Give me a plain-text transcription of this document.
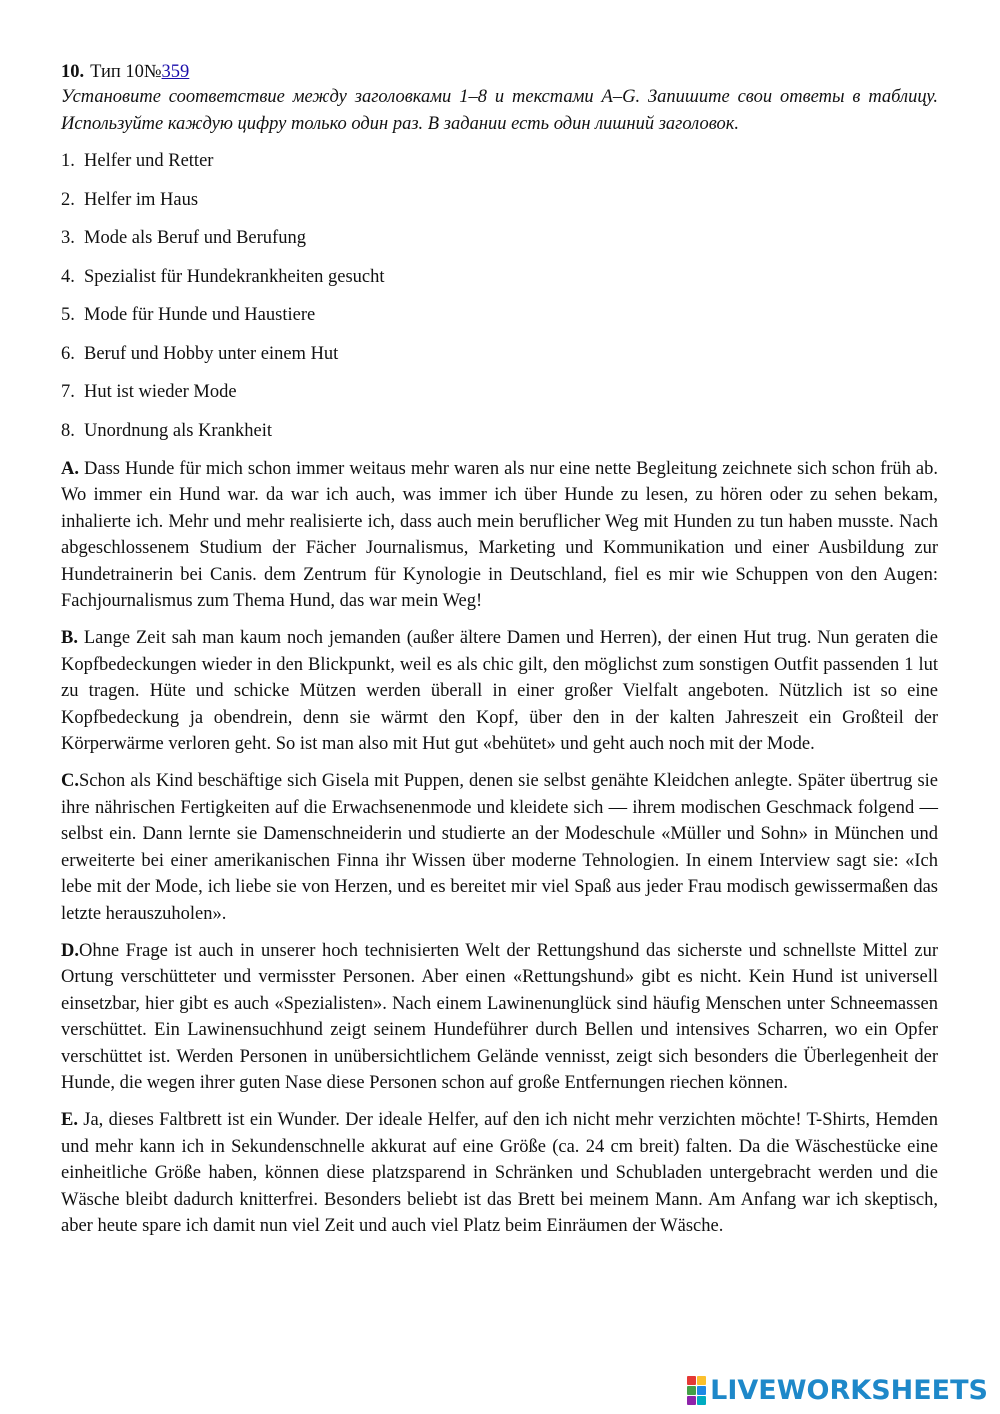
10. Тип 10№359

Установите соответствие между заголовками 1–8 и текстами А–G. Запишите свои ответы в таблицу. Используйте каждую цифру только один раз. В задании есть один лишний заголовок.

1. Helfer und Retter
2. Helfer im Haus
3. Mode als Beruf und Berufung
4. Spezialist für Hundekrankheiten gesucht
5. Mode für Hunde und Haustiere
6. Beruf und Hobby unter einem Hut
7. Hut ist wieder Mode
8. Unordnung als Krankheit

A. Dass Hunde für mich schon immer weitaus mehr waren als nur eine nette Begleitung zeichnete sich schon früh ab. Wo immer ein Hund war. da war ich auch, was immer ich über Hunde zu lesen, zu hören oder zu sehen bekam, inhalierte ich. Mehr und mehr realisierte ich, dass auch mein beruflicher Weg mit Hunden zu tun haben musste. Nach abgeschlossenem Studium der Fächer Journalismus, Marketing und Kommunikation und einer Ausbildung zur Hundetrainerin bei Canis. dem Zentrum für Kynologie in Deutschland, fiel es mir wie Schuppen von den Augen: Fachjournalismus zum Thema Hund, das war mein Weg!

B. Lange Zeit sah man kaum noch jemanden (außer ältere Damen und Herren), der einen Hut trug. Nun geraten die Kopfbedeckungen wieder in den Blickpunkt, weil es als chic gilt, den möglichst zum sonstigen Outfit passenden 1 lut zu tragen. Hüte und schicke Mützen werden überall in einer großer Vielfalt angeboten. Nützlich ist so eine Kopfbedeckung ja obendrein, denn sie wärmt den Kopf, über den in der kalten Jahreszeit ein Großteil der Körperwärme verloren geht. So ist man also mit Hut gut «behütet» und geht auch noch mit der Mode.

C.Schon als Kind beschäftige sich Gisela mit Puppen, denen sie selbst genähte Kleidchen anlegte. Später übertrug sie ihre nährischen Fertigkeiten auf die Erwachsenenmode und kleidete sich — ihrem modischen Geschmack folgend — selbst ein. Dann lernte sie Damenschneiderin und studierte an der Modeschule «Müller und Sohn» in München und erweiterte bei einer amerikanischen Finna ihr Wissen über moderne Tehnologien. In einem Interview sagt sie: «Ich lebe mit der Mode, ich liebe sie von Herzen, und es bereitet mir viel Spaß aus jeder Frau modisch gewissermaßen das letzte herauszuholen».

D.Ohne Frage ist auch in unserer hoch technisierten Welt der Rettungshund das sicherste und schnellste Mittel zur Ortung verschütteter und vermisster Personen. Aber einen «Rettungshund» gibt es nicht. Kein Hund ist universell einsetzbar, hier gibt es auch «Spezialisten». Nach einem Lawinenunglück sind häufig Menschen unter Schneemassen verschüttet. Ein Lawinensuchhund zeigt seinem Hundeführer durch Bellen und intensives Scharren, wo ein Opfer verschüttet ist. Werden Personen in unübersichtlichem Gelände vennisst, zeigt sich besonders die Überlegenheit der Hunde, die wegen ihrer guten Nase diese Personen schon auf große Entfernungen riechen können.

E. Ja, dieses Faltbrett ist ein Wunder. Der ideale Helfer, auf den ich nicht mehr verzichten möchte! T-Shirts, Hemden und mehr kann ich in Sekundenschnelle akkurat auf eine Größe (ca. 24 cm breit) falten. Da die Wäschestücke eine einheitliche Größe haben, können diese platzsparend in Schränken und Schubladen untergebracht werden und die Wäsche bleibt dadurch knitterfrei. Besonders beliebt ist das Brett bei meinem Mann. Am Anfang war ich skeptisch, aber heute spare ich damit nun viel Zeit und auch viel Platz beim Einräumen der Wäsche.

LIVEWORKSHEETS
